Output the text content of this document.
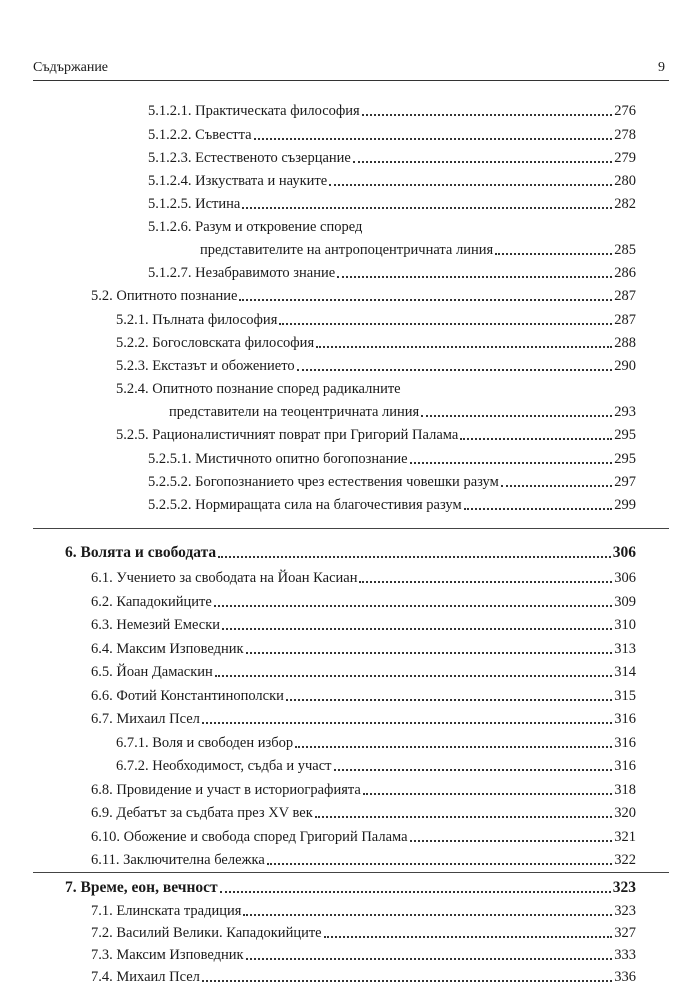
Съдържание	9
5.1.2.1. Практическата философия	276
5.1.2.2. Съвестта	278
5.1.2.3. Естественото съзерцание	279
5.1.2.4. Изкуствата и науките	280
5.1.2.5. Истина	282
5.1.2.6. Разум и откровение според
представителите на антропоцентричната линия	285
5.1.2.7. Незабравимото знание	286
5.2. Опитното познание	287
5.2.1. Пълната философия	287
5.2.2. Богословската философия	288
5.2.3. Екстазът и обожението	290
5.2.4. Опитното познание според радикалните
представители на теоцентричната линия	293
5.2.5. Рационалистичният поврат при Григорий Палама	295
5.2.5.1. Мистичното опитно богопознание	295
5.2.5.2. Богопознанието чрез естествения човешки разум	297
5.2.5.2. Нормиращата сила на благочестивия разум	299
6. Волята и свободата	306
6.1. Учението за свободата на Йоан Касиан	306
6.2. Кападокийците	309
6.3. Немезий Емески	310
6.4. Максим Изповедник	313
6.5. Йоан Дамаскин	314
6.6. Фотий Константинополски	315
6.7. Михаил Псел	316
6.7.1. Воля и свободен избор	316
6.7.2. Необходимост, съдба и участ	316
6.8. Провидение и участ в историографията	318
6.9. Дебатът за съдбата през XV век	320
6.10. Обожение и свобода според Григорий Палама	321
6.11. Заключителна бележка	322
7. Време, еон, вечност	323
7.1. Елинската традиция	323
7.2. Василий Велики. Кападокийците	327
7.3. Максим Изповедник	333
7.4. Михаил Псел	336
